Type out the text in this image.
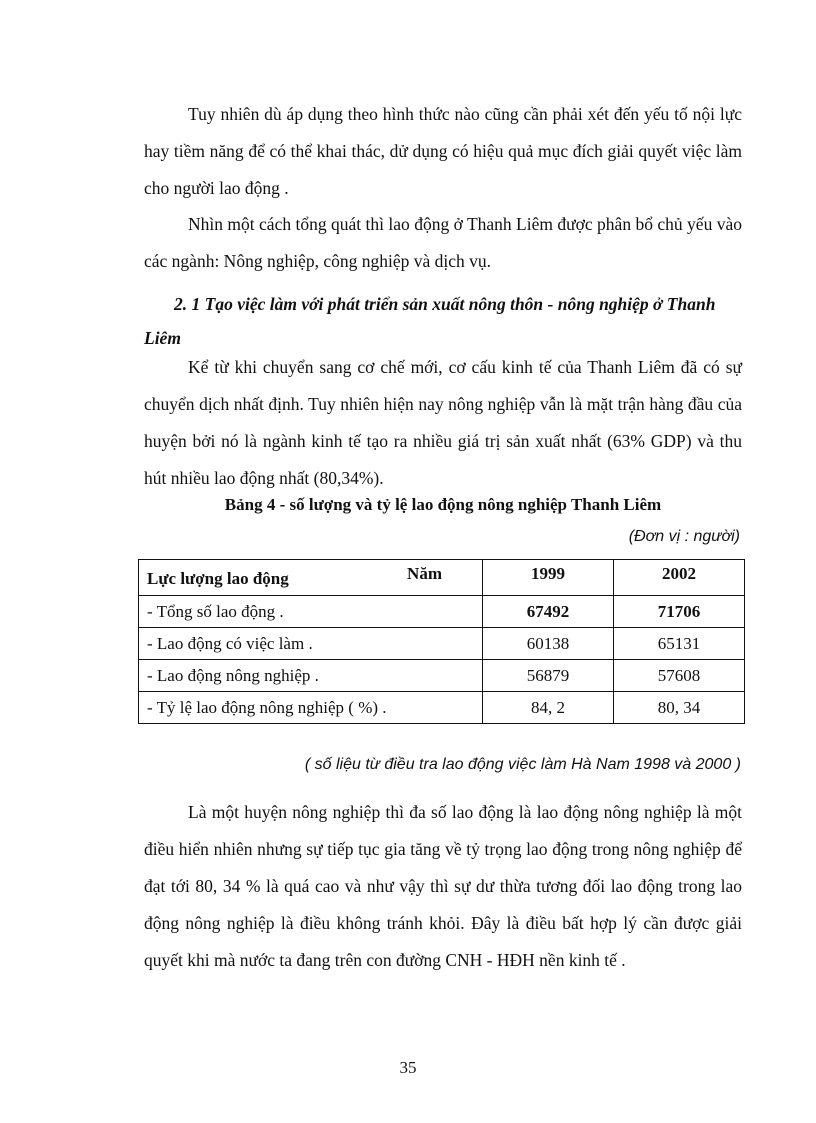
Tuy nhiên dù áp dụng theo hình thức nào cũng cần phải xét đến yếu tố nội lực hay tiềm năng để có thể khai thác, dử dụng có hiệu quả mục đích giải quyết việc làm cho người lao động .

Nhìn một cách tổng quát thì lao động ở Thanh Liêm được phân bổ chủ yếu vào các ngành: Nông nghiệp, công nghiệp và dịch vụ.

2. 1 Tạo việc làm với phát triển sản xuất nông thôn - nông nghiệp ở Thanh Liêm

Kể từ khi chuyển sang cơ chế mới, cơ cấu kinh tế của Thanh Liêm đã có sự chuyển dịch nhất định. Tuy nhiên hiện nay nông nghiệp vẫn là mặt trận hàng đầu của huyện bởi nó là ngành kinh tế tạo ra nhiều giá trị sản xuất nhất (63% GDP) và thu hút nhiều lao động nhất (80,34%).

Bảng 4 - số lượng và tỷ lệ lao động nông nghiệp Thanh Liêm

(Đơn vị : người)

Năm
Lực lượng lao động	1999	2002
- Tổng số lao động .	67492	71706
- Lao động có việc làm .	60138	65131
- Lao động nông nghiệp .	56879	57608
- Tỷ lệ lao động nông nghiệp ( %) .	84, 2	80, 34

( số liệu từ điều tra lao động việc làm Hà Nam 1998 và 2000 )

Là một huyện nông nghiệp thì đa số lao động là lao động nông nghiệp là một điều hiển nhiên nhưng sự tiếp tục gia tăng về tỷ trọng lao động trong nông nghiệp để đạt tới 80, 34 % là quá cao và như vậy thì sự dư thừa tương đối lao động trong lao động nông nghiệp là điều không tránh khỏi. Đây là điều bất hợp lý cần được giải quyết khi mà nước ta đang trên con đường CNH - HĐH nền kinh tế .

35
